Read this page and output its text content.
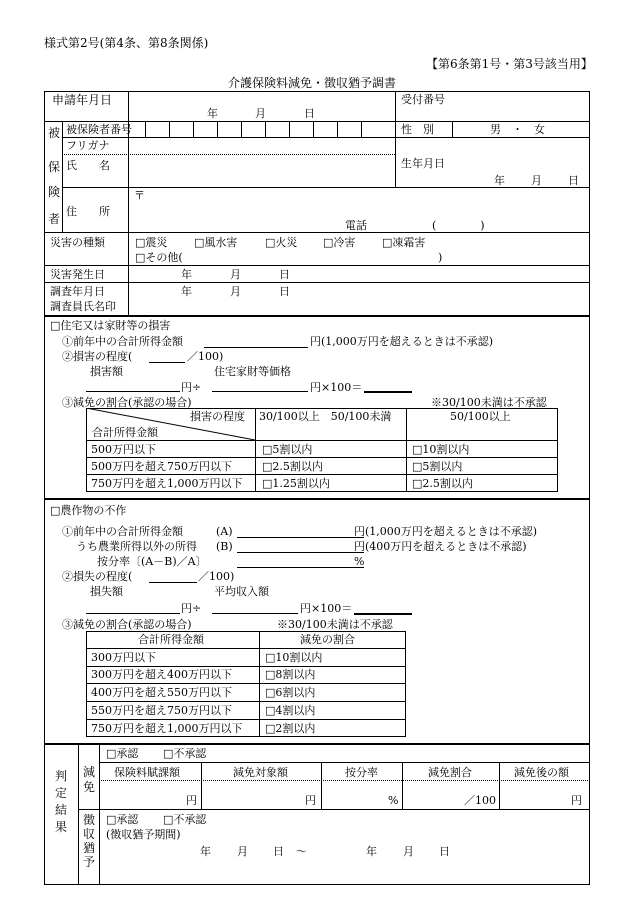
様式第2号(第4条、第8条関係)
【第6条第1号・第3号該当用】
介護保険料減免・徴収猶予調書
申請年月日
年	月	日
受付番号
被
保
険
者
被保険者番号	性　別	男　・　女
フリガナ
氏　　名	生年月日
年 月 日
住　　所
〒
電話	(　　　　)
災害の種類	□震災 □風水害	□火災 □冷害 □凍霜害
□その他(	)
災害発生日	年	月	日
調査年月日	年	月	日
調査員氏名印
□住宅又は家財等の損害
①前年中の合計所得金額	円(1,000万円を超えるときは不承認)
②損害の程度(	／100)
損害額	住宅家財等価格
円÷	円×100＝
③減免の割合(承認の場合)	※30/100未満は不承認
損害の程度
合計所得金額
30/100以上　50/100未満	50/100以上
500万円以下	□5割以内	□10割以内
500万円を超え750万円以下	□2.5割以内	□5割以内
750万円を超え1,000万円以下 □1.25割以内	□2.5割以内
□農作物の不作
①前年中の合計所得金額	(A)	円(1,000万円を超えるときは不承認)
うち農業所得以外の所得 (B)	円(400万円を超えるときは不承認)
按分率〔(A－B)／A〕	%
②損失の程度(	／100)
損失額	平均収入額
円÷	円×100＝
③減免の割合(承認の場合)	※30/100未満は不承認
合計所得金額	減免の割合
300万円以下	□10割以内
300万円を超え400万円以下	□8割以内
400万円を超え550万円以下	□6割以内
550万円を超え750万円以下	□4割以内
750万円を超え1,000万円以下 □2割以内
判
定
結
果
減
免
徴
収
猶
予
□承認 □不承認
保険料賦課額	減免対象額	按分率	減免割合	減免後の額
円	円	%	／100	円
□承認 □不承認
(徴収猶予期間)
年 月 日 ～	年 月 日
